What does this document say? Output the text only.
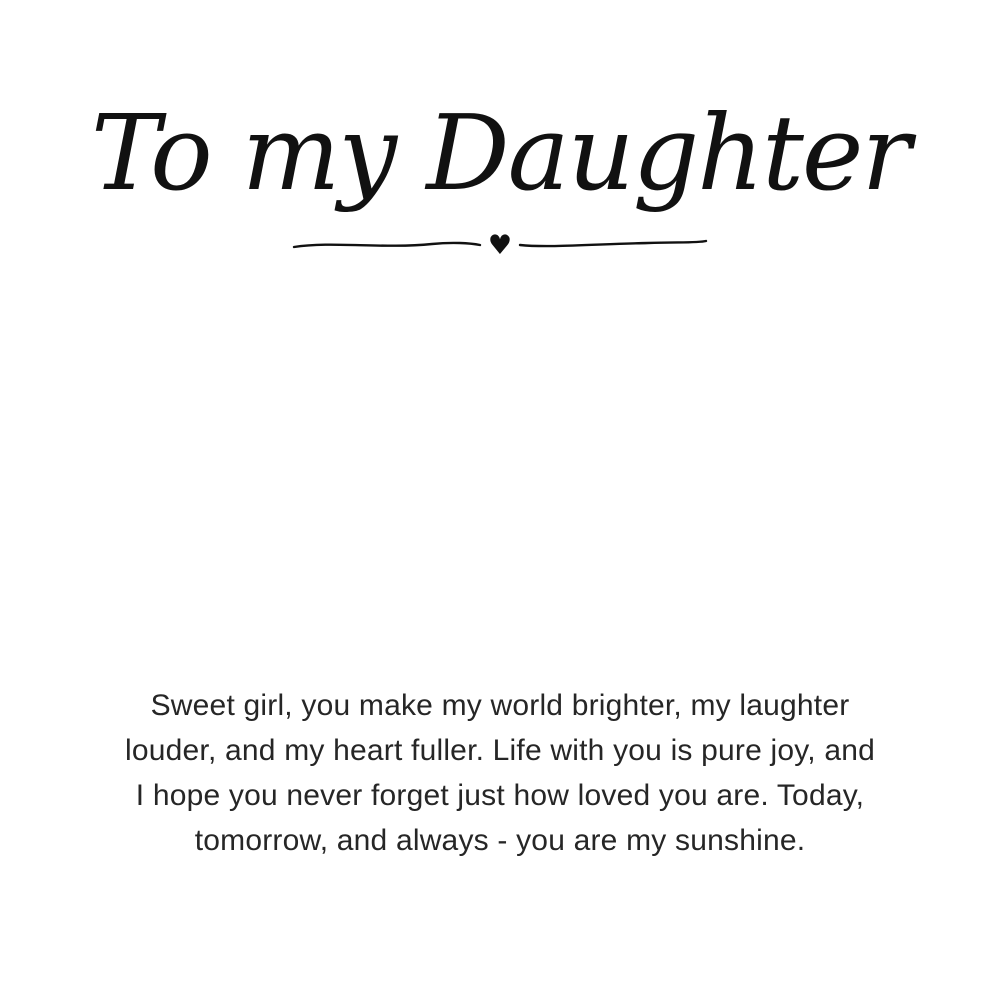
To my Daughter
♥
Sweet girl, you make my world brighter, my laughter
louder, and my heart fuller. Life with you is pure joy, and
I hope you never forget just how loved you are. Today,
tomorrow, and always - you are my sunshine.
